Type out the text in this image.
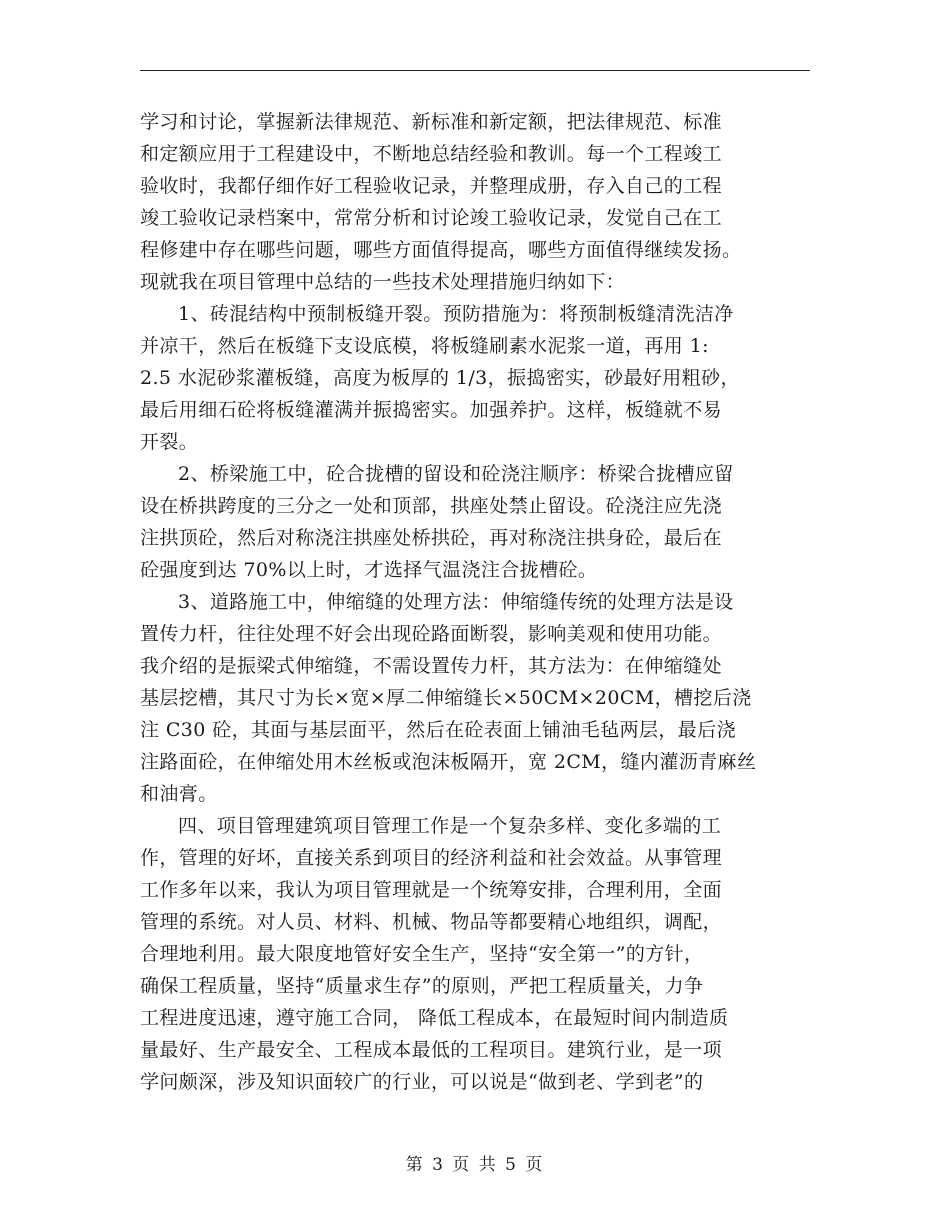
学习和讨论，掌握新法律规范、新标准和新定额，把法律规范、标准
和定额应用于工程建设中，不断地总结经验和教训。每一个工程竣工
验收时，我都仔细作好工程验收记录，并整理成册，存入自己的工程
竣工验收记录档案中，常常分析和讨论竣工验收记录，发觉自己在工
程修建中存在哪些问题，哪些方面值得提高，哪些方面值得继续发扬。
现就我在项目管理中总结的一些技术处理措施归纳如下：
1、砖混结构中预制板缝开裂。预防措施为：将预制板缝清洗洁净
并凉干，然后在板缝下支设底模，将板缝刷素水泥浆一道，再用 1:
2.5 水泥砂浆灌板缝，高度为板厚的 1/3，振捣密实，砂最好用粗砂，
最后用细石砼将板缝灌满并振捣密实。加强养护。这样，板缝就不易
开裂。
2、桥梁施工中，砼合拢槽的留设和砼浇注顺序：桥梁合拢槽应留
设在桥拱跨度的三分之一处和顶部，拱座处禁止留设。砼浇注应先浇
注拱顶砼，然后对称浇注拱座处桥拱砼，再对称浇注拱身砼，最后在
砼强度到达 70%以上时，才选择气温浇注合拢槽砼。
3、道路施工中，伸缩缝的处理方法：伸缩缝传统的处理方法是设
置传力杆，往往处理不好会出现砼路面断裂，影响美观和使用功能。
我介绍的是振梁式伸缩缝，不需设置传力杆，其方法为：在伸缩缝处
基层挖槽，其尺寸为长×宽×厚二伸缩缝长×50CM×20CM，槽挖后浇
注 C30 砼，其面与基层面平，然后在砼表面上铺油毛毡两层，最后浇
注路面砼，在伸缩处用木丝板或泡沫板隔开，宽 2CM，缝内灌沥青麻丝
和油膏。
四、项目管理建筑项目管理工作是一个复杂多样、变化多端的工
作，管理的好坏，直接关系到项目的经济利益和社会效益。从事管理
工作多年以来，我认为项目管理就是一个统筹安排，合理利用，全面
管理的系统。对人员、材料、机械、物品等都要精心地组织，调配，
合理地利用。最大限度地管好安全生产，坚持“安全第一”的方针，
确保工程质量，坚持“质量求生存”的原则，严把工程质量关，力争
工程进度迅速，遵守施工合同， 降低工程成本，在最短时间内制造质
量最好、生产最安全、工程成本最低的工程项目。建筑行业，是一项
学问颇深，涉及知识面较广的行业，可以说是“做到老、学到老”的
第 3 页 共 5 页
